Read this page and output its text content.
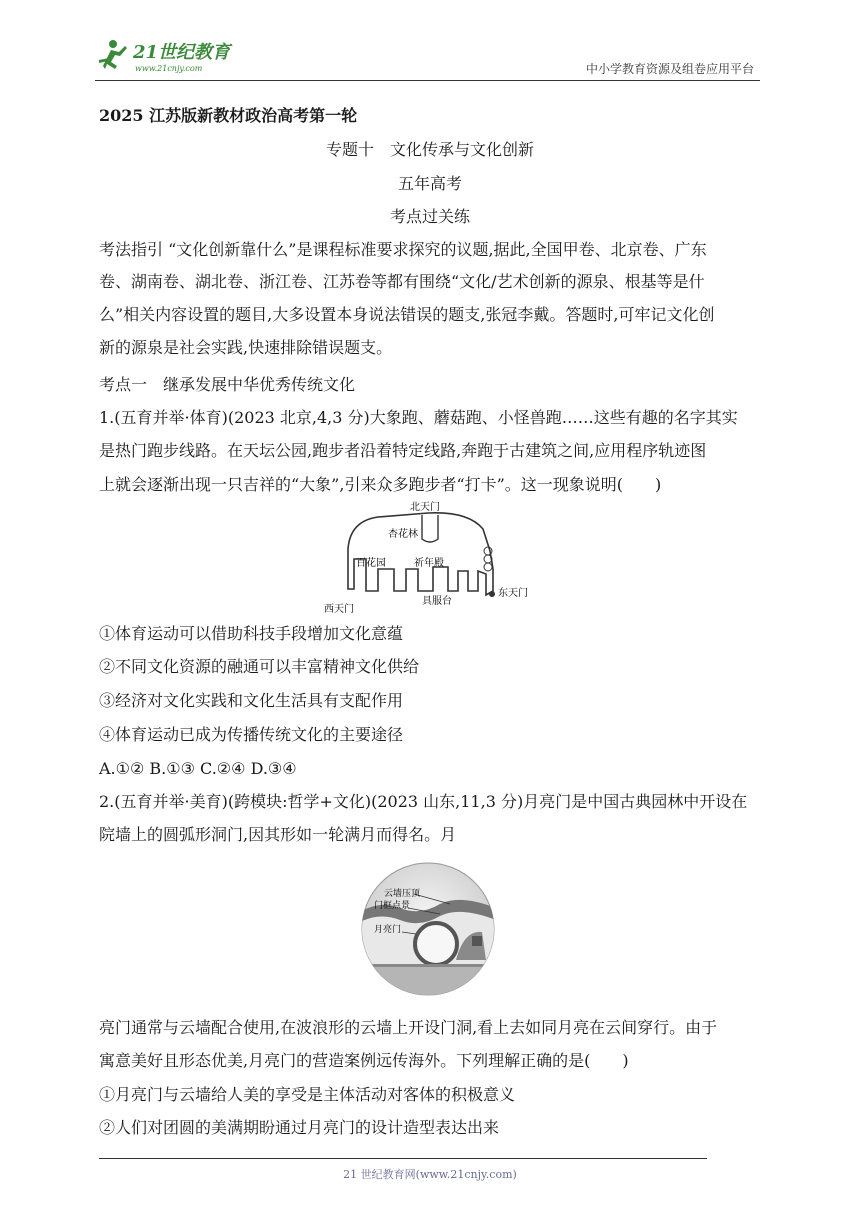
21世纪教育
www.21cnjy.com	中小学教育资源及组卷应用平台
2025 江苏版新教材政治高考第一轮
专题十　文化传承与文化创新
五年高考
考点过关练
考法指引 “文化创新靠什么”是课程标准要求探究的议题,据此,全国甲卷、北京卷、广东
卷、湖南卷、湖北卷、浙江卷、江苏卷等都有围绕“文化/艺术创新的源泉、根基等是什
么”相关内容设置的题目,大多设置本身说法错误的题支,张冠李戴。答题时,可牢记文化创
新的源泉是社会实践,快速排除错误题支。
考点一　继承发展中华优秀传统文化
1.(五育并举·体育)(2023 北京,4,3 分)大象跑、蘑菇跑、小怪兽跑……这些有趣的名字其实
是热门跑步线路。在天坛公园,跑步者沿着特定线路,奔跑于古建筑之间,应用程序轨迹图
上就会逐渐出现一只吉祥的“大象”,引来众多跑步者“打卡”。这一现象说明(　　)
北天门
杏花林
百花园	祈年殿
东天门
西天门
具服台
①体育运动可以借助科技手段增加文化意蕴
②不同文化资源的融通可以丰富精神文化供给
③经济对文化实践和文化生活具有支配作用
④体育运动已成为传播传统文化的主要途径
A.①② B.①③ C.②④ D.③④
2.(五育并举·美育)(跨模块:哲学+文化)(2023 山东,11,3 分)月亮门是中国古典园林中开设在
院墙上的圆弧形洞门,因其形如一轮满月而得名。月
云墙压顶
门框点景
月亮门
亮门通常与云墙配合使用,在波浪形的云墙上开设门洞,看上去如同月亮在云间穿行。由于
寓意美好且形态优美,月亮门的营造案例远传海外。下列理解正确的是(　　)
①月亮门与云墙给人美的享受是主体活动对客体的积极意义
②人们对团圆的美满期盼通过月亮门的设计造型表达出来
21 世纪教育网(www.21cnjy.com)
